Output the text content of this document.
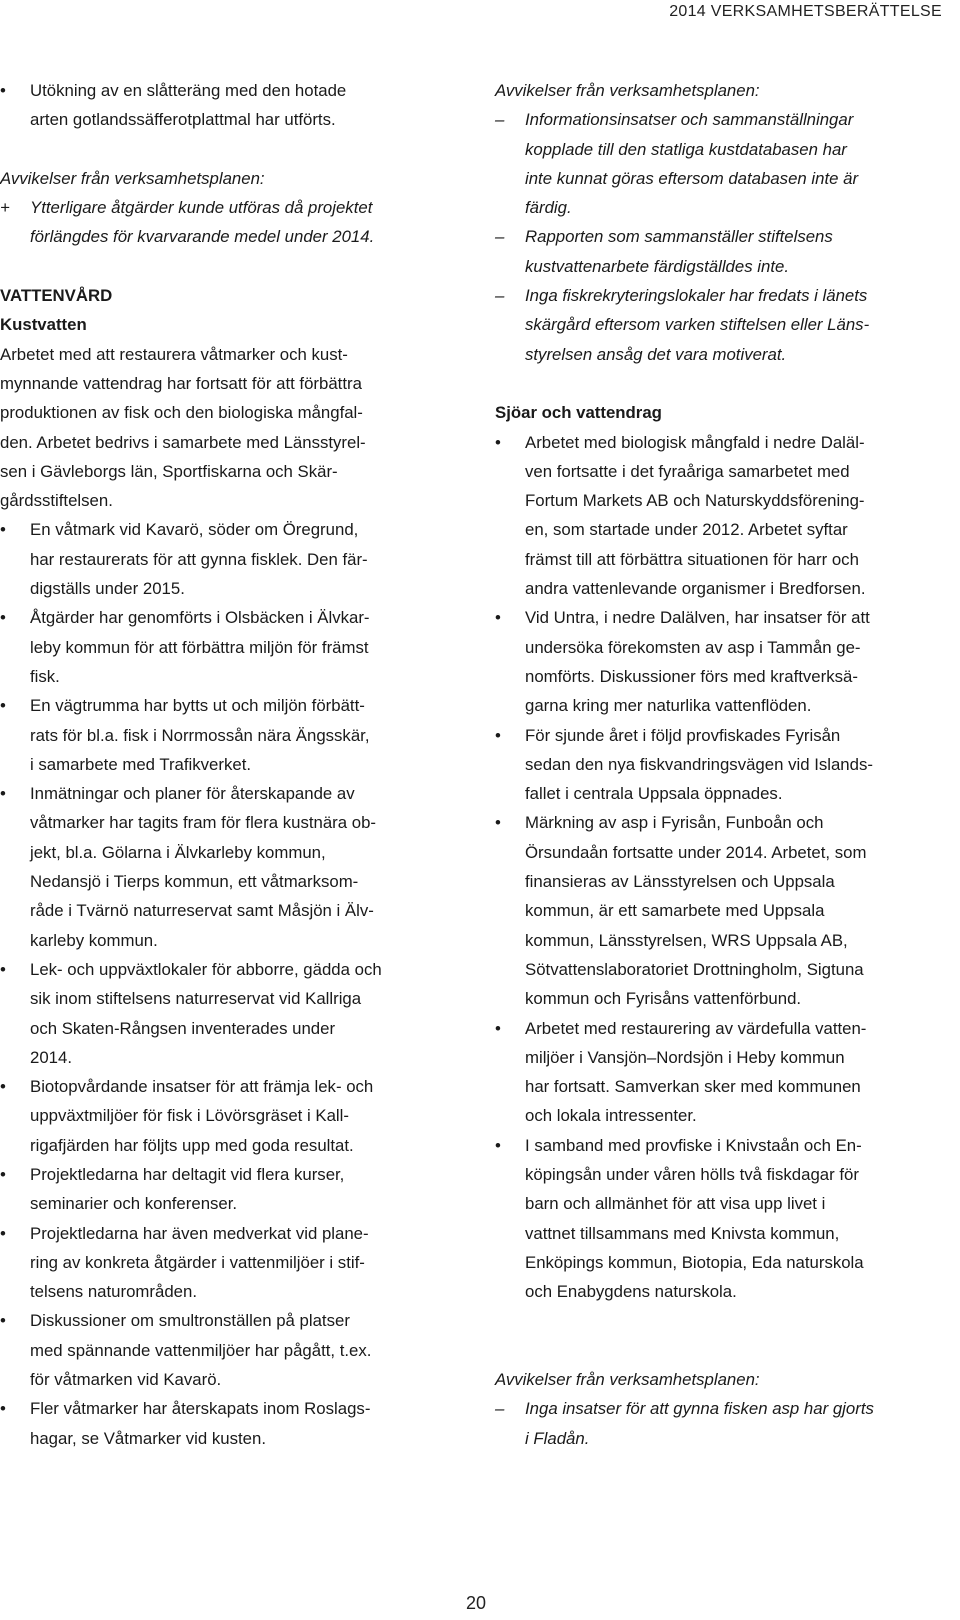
2014 VERKSAMHETSBERÄTTELSE
•
Utökning av en slåtteräng med den hotade
arten gotlandssäfferotplattmal har utförts.
Avvikelser från verksamhetsplanen:
+	Ytterligare åtgärder kunde utföras då projektet
förlängdes för kvarvarande medel under 2014.
VATTENVÅRD
Kustvatten
Arbetet med att restaurera våtmarker och kust-
mynnande vattendrag har fortsatt för att förbättra
produktionen av fisk och den biologiska mångfal-
den. Arbetet bedrivs i samarbete med Länsstyrel-
sen i Gävleborgs län, Sportfiskarna och Skär-
gårdsstiftelsen.
•
En våtmark vid Kavarö, söder om Öregrund,
har restaurerats för att gynna fisklek. Den fär-
digställs under 2015.
•
Åtgärder har genomförts i Olsbäcken i Älvkar-
leby kommun för att förbättra miljön för främst
fisk.
•
En vägtrumma har bytts ut och miljön förbätt-
rats för bl.a. fisk i Norrmossån nära Ängsskär,
i samarbete med Trafikverket.
•
Inmätningar och planer för återskapande av
våtmarker har tagits fram för flera kustnära ob-
jekt, bl.a. Gölarna i Älvkarleby kommun,
Nedansjö i Tierps kommun, ett våtmarksom-
råde i Tvärnö naturreservat samt Måsjön i Älv-
karleby kommun.
•
Lek- och uppväxtlokaler för abborre, gädda och
sik inom stiftelsens naturreservat vid Kallriga
och Skaten-Rångsen inventerades under
2014.
•
Biotopvårdande insatser för att främja lek- och
uppväxtmiljöer för fisk i Lövörsgräset i Kall-
rigafjärden har följts upp med goda resultat.
•
Projektledarna har deltagit vid flera kurser,
seminarier och konferenser.
•
Projektledarna har även medverkat vid plane-
ring av konkreta åtgärder i vattenmiljöer i stif-
telsens naturområden.
•
Diskussioner om smultronställen på platser
med spännande vattenmiljöer har pågått, t.ex.
för våtmarken vid Kavarö.
•
Fler våtmarker har återskapats inom Roslags-
hagar, se Våtmarker vid kusten.
Avvikelser från verksamhetsplanen:
–	Informationsinsatser och sammanställningar
kopplade till den statliga kustdatabasen har
inte kunnat göras eftersom databasen inte är
färdig.
–	Rapporten som sammanställer stiftelsens
kustvattenarbete färdigställdes inte.
–	Inga fiskrekryteringslokaler har fredats i länets
skärgård eftersom varken stiftelsen eller Läns-
styrelsen ansåg det vara motiverat.
Sjöar och vattendrag
•
Arbetet med biologisk mångfald i nedre Daläl-
ven fortsatte i det fyraåriga samarbetet med
Fortum Markets AB och Naturskyddsförening-
en, som startade under 2012. Arbetet syftar
främst till att förbättra situationen för harr och
andra vattenlevande organismer i Bredforsen.
•
Vid Untra, i nedre Dalälven, har insatser för att
undersöka förekomsten av asp i Tammån ge-
nomförts. Diskussioner förs med kraftverksä-
garna kring mer naturlika vattenflöden.
•
För sjunde året i följd provfiskades Fyrisån
sedan den nya fiskvandringsvägen vid Islands-
fallet i centrala Uppsala öppnades.
•
Märkning av asp i Fyrisån, Funboån och
Örsundaån fortsatte under 2014. Arbetet, som
finansieras av Länsstyrelsen och Uppsala
kommun, är ett samarbete med Uppsala
kommun, Länsstyrelsen, WRS Uppsala AB,
Sötvattenslaboratoriet Drottningholm, Sigtuna
kommun och Fyrisåns vattenförbund.
•
Arbetet med restaurering av värdefulla vatten-
miljöer i Vansjön–Nordsjön i Heby kommun
har fortsatt. Samverkan sker med kommunen
och lokala intressenter.
•
I samband med provfiske i Knivstaån och En-
köpingsån under våren hölls två fiskdagar för
barn och allmänhet för att visa upp livet i
vattnet tillsammans med Knivsta kommun,
Enköpings kommun, Biotopia, Eda naturskola
och Enabygdens naturskola.
Avvikelser från verksamhetsplanen:
–	Inga insatser för att gynna fisken asp har gjorts
i Fladån.
20
